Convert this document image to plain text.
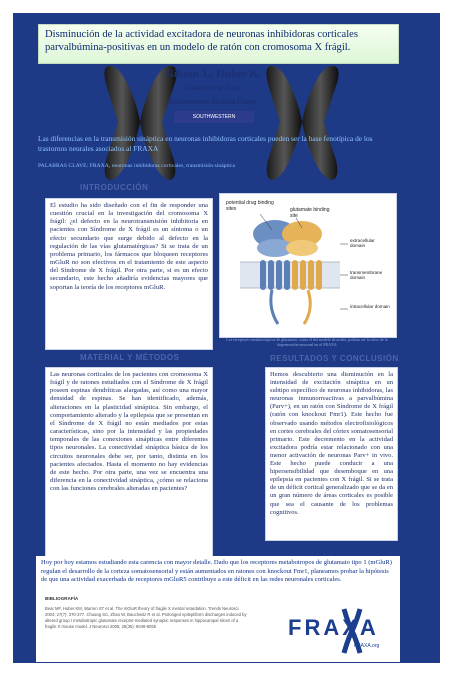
Disminución de la actividad excitadora de neuronas inhibidoras corticales parvalbúmina-positivas en un modelo de ratón con cromosoma X frágil.
Gibson J.; Huber K.
University of Texas
Southwestern Medical Center
SOUTHWESTERN
Las diferencias en la transmisión sináptica en neuronas inhibidoras corticales pueden ser la base fenotípica de los trastornos neurales asociados al FRAXA
PALABRAS CLAVE: FRAXA, neuronas inhibidoras corticales, transmisión sináptica
INTRODUCCIÓN

El estudio ha sido diseñado con el fin de responder una cuestión crucial en la investigación del cromosoma X frágil: ¿el defecto en la neurotransmisión inhibitoria en pacientes con Síndrome de X frágil es un síntoma o un efecto secundario que surge debido al defecto en la regulación de las vías glutamatérgicas? Si se trata de un problema primario, los fármacos que bloqueen receptores mGluR no son efectivos en el tratamiento de este aspecto del Síndrome de X frágil. Por otra parte, si es un efecto secundario, este hecho añadiría evidencias mayores que soportan la teoría de los receptores mGluR.

potential drug binding sites	glutamate binding site
extracellular domain
transmembrane domain
intracellular domain
Los receptores metabotrópicos de glutamato, como el del modelo de arriba, podrían ser la clave de la degeneración neuronal en el FRAXA
MATERIAL Y MÉTODOS

Las neuronas corticales de los pacientes con cromosoma X frágil y de ratones estudiados con el Síndrome de X frágil poseen espinas dendríticas alargadas, así como una mayor densidad de espinas. Se han identificado, además, alteraciones en la plasticidad sináptica. Sin embargo, el comportamiento alterado y la epilepsia que se presentan en el Síndrome de X frágil no están mediados por estas características, sino por la intensidad y las propiedades temporales de las conexiones sinápticas entre diferentes tipos neuronales. La conectividad sináptica básica de los circuitos neuronales debe ser, por tanto, distinta en los pacientes afectados. Hasta el momento no hay evidencias de este hecho. Por otra parte, una vez se encuentra una diferencia en la conectividad sináptica, ¿cómo se relaciona con las funciones cerebrales alteradas en pacientes?

RESULTADOS Y CONCLUSIÓN

Hemos descubierto una disminución en la intensidad de excitación sináptica en un subtipo específico de neuronas inhibidoras, las neuronas inmunorreactivas a parvalbúmina (Parv+), en un ratón con Síndrome de X frágil (ratón con knockout Fmr1). Este hecho fue observado usando métodos electrofisiológicos en cortes cerebrales del córtex somatosensorial primario. Este decremento en la actividad excitadora podría estar relacionado con una menor activación de neuronas Parv+ in vivo. Este hecho puede conducir a una hipersensibilidad que desemboque en una epilepsia en pacientes con X frágil. Si se trata de un déficit cortical generalizado que se da en un gran número de áreas corticales es posible que sea el causante de los problemas cognitivos.

Hoy por hoy estamos estudiando esta carencia con mayor detalle. Dado que los receptores metabotropos de glutamato tipo 1 (mGluR) regulan el desarrollo de la corteza somatosensorial y están aumentados en ratones con knockout Fmr1, planeamos probar la hipótesis de que una actividad exacerbada de receptores mGluR5 contribuye a este déficit en las redes neuronales corticales.
BIBLIOGRAFÍA
Bear MF, Huber KM, Warren ST et al. The mGluR theory of fragile X mental retardation. Trends Neurosci 2004; 27(7): 370-377. Chuang SC, Zhao W, Bauchwitz R et al. Prolonged epileptiform discharges induced by altered group I metabotropic glutamate receptor-mediated synaptic responses in hippocampal slices of a fragile X mouse model. J Neurosci 2005; 25(35): 8048-8055	FRAXA
FRAXA.org
